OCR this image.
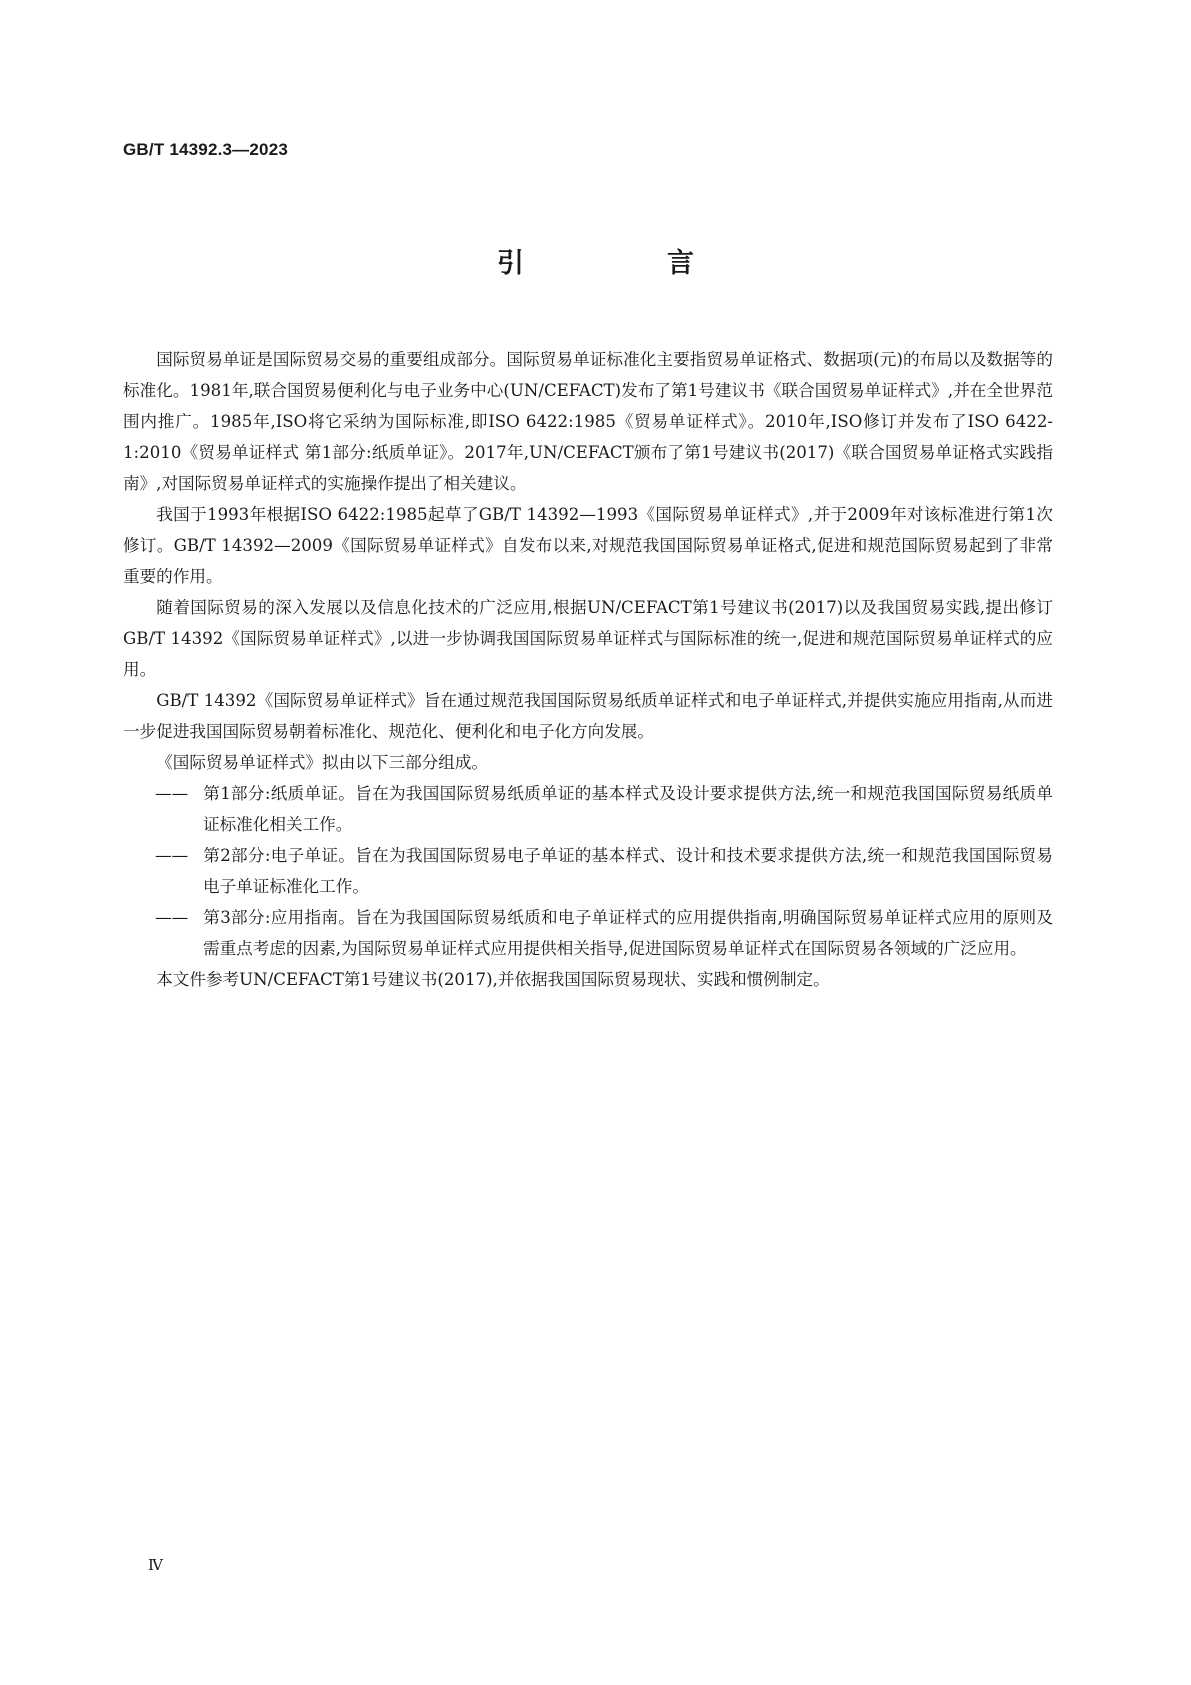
GB/T 14392.3—2023
引　言

国际贸易单证是国际贸易交易的重要组成部分。国际贸易单证标准化主要指贸易单证格式、数据项(元)的布局以及数据等的标准化。1981年,联合国贸易便利化与电子业务中心(UN/CEFACT)发布了第1号建议书《联合国贸易单证样式》,并在全世界范围内推广。1985年,ISO将它采纳为国际标准,即ISO 6422:1985《贸易单证样式》。2010年,ISO修订并发布了ISO 6422-1:2010《贸易单证样式 第1部分:纸质单证》。2017年,UN/CEFACT颁布了第1号建议书(2017)《联合国贸易单证格式实践指南》,对国际贸易单证样式的实施操作提出了相关建议。

我国于1993年根据ISO 6422:1985起草了GB/T 14392—1993《国际贸易单证样式》,并于2009年对该标准进行第1次修订。GB/T 14392—2009《国际贸易单证样式》自发布以来,对规范我国国际贸易单证格式,促进和规范国际贸易起到了非常重要的作用。

随着国际贸易的深入发展以及信息化技术的广泛应用,根据UN/CEFACT第1号建议书(2017)以及我国贸易实践,提出修订GB/T 14392《国际贸易单证样式》,以进一步协调我国国际贸易单证样式与国际标准的统一,促进和规范国际贸易单证样式的应用。

GB/T 14392《国际贸易单证样式》旨在通过规范我国国际贸易纸质单证样式和电子单证样式,并提供实施应用指南,从而进一步促进我国国际贸易朝着标准化、规范化、便利化和电子化方向发展。

《国际贸易单证样式》拟由以下三部分组成。

—— 第1部分:纸质单证。旨在为我国国际贸易纸质单证的基本样式及设计要求提供方法,统一和规范我国国际贸易纸质单证标准化相关工作。

—— 第2部分:电子单证。旨在为我国国际贸易电子单证的基本样式、设计和技术要求提供方法,统一和规范我国国际贸易电子单证标准化工作。

—— 第3部分:应用指南。旨在为我国国际贸易纸质和电子单证样式的应用提供指南,明确国际贸易单证样式应用的原则及需重点考虑的因素,为国际贸易单证样式应用提供相关指导,促进国际贸易单证样式在国际贸易各领域的广泛应用。

本文件参考UN/CEFACT第1号建议书(2017),并依据我国国际贸易现状、实践和惯例制定。

Ⅳ
